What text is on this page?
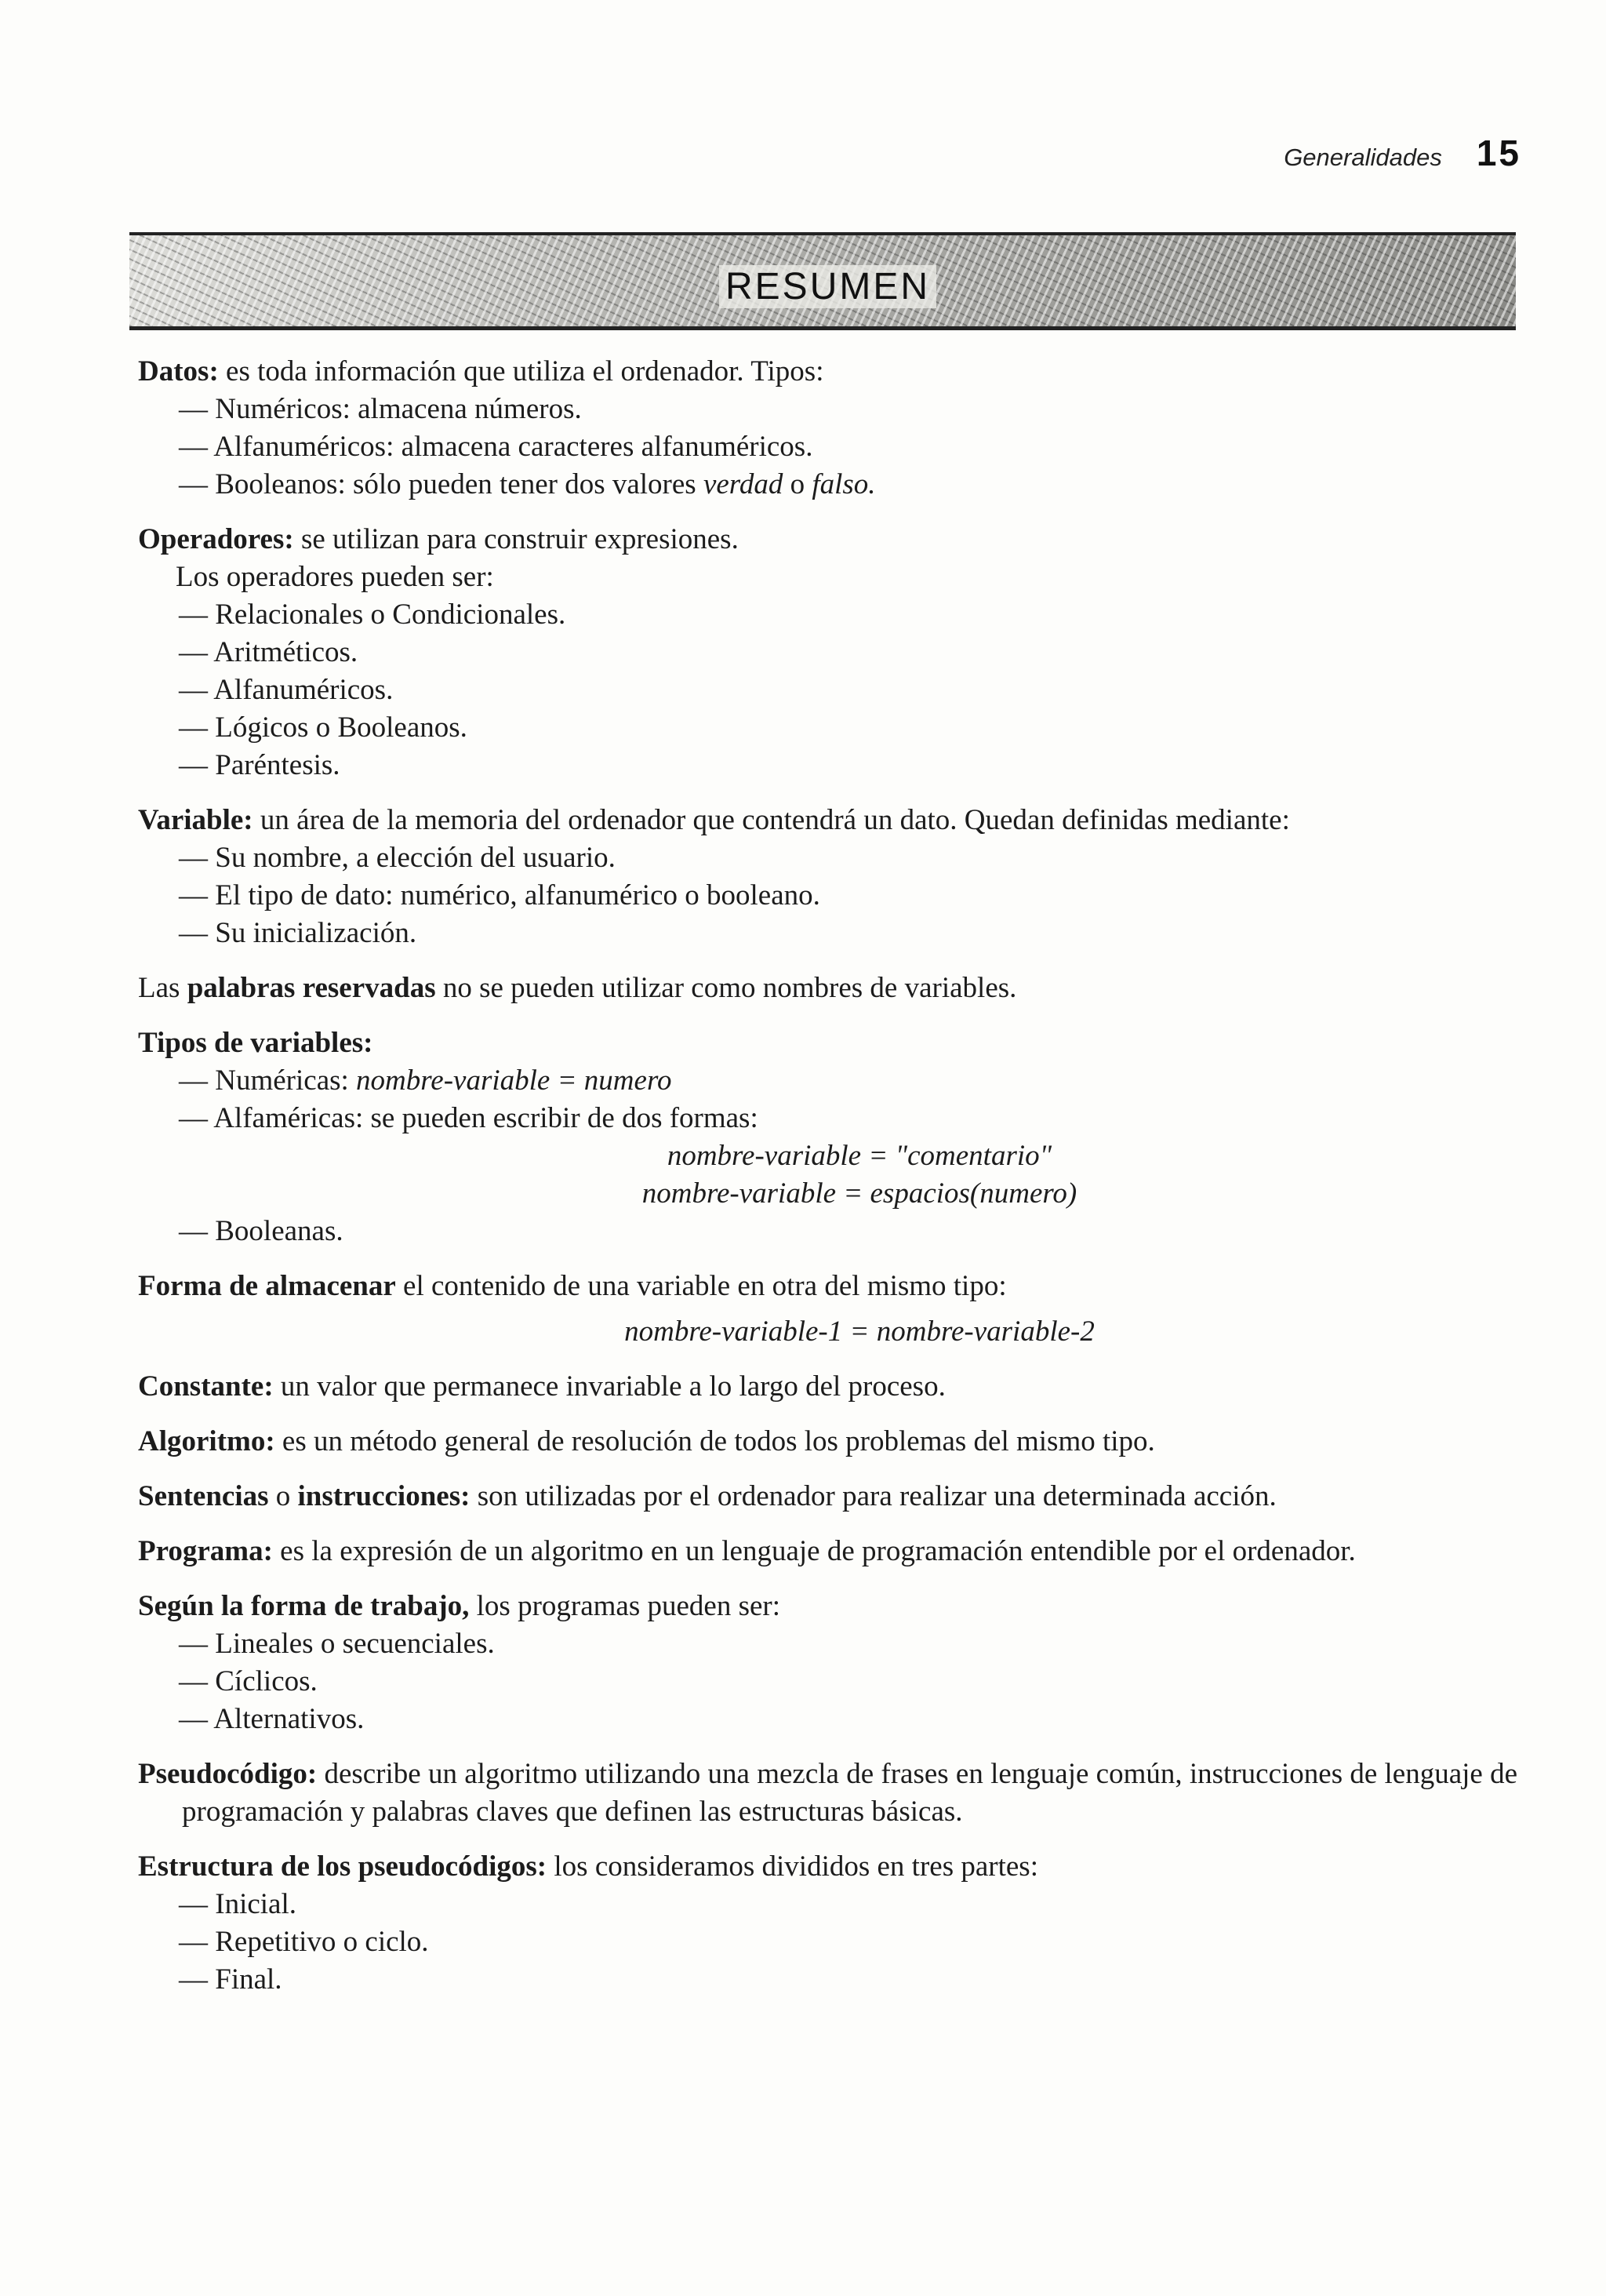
Generalidades 15
RESUMEN
Datos: es toda información que utiliza el ordenador. Tipos:
— Numéricos: almacena números.
— Alfanuméricos: almacena caracteres alfanuméricos.
— Booleanos: sólo pueden tener dos valores verdad o falso.
Operadores: se utilizan para construir expresiones.
Los operadores pueden ser:
— Relacionales o Condicionales.
— Aritméticos.
— Alfanuméricos.
— Lógicos o Booleanos.
— Paréntesis.
Variable: un área de la memoria del ordenador que contendrá un dato. Quedan definidas mediante:
— Su nombre, a elección del usuario.
— El tipo de dato: numérico, alfanumérico o booleano.
— Su inicialización.
Las palabras reservadas no se pueden utilizar como nombres de variables.
Tipos de variables:
— Numéricas: nombre-variable = numero
— Alfaméricas: se pueden escribir de dos formas:
nombre-variable = "comentario"
nombre-variable = espacios(numero)
— Booleanas.
Forma de almacenar el contenido de una variable en otra del mismo tipo:
nombre-variable-1 = nombre-variable-2
Constante: un valor que permanece invariable a lo largo del proceso.
Algoritmo: es un método general de resolución de todos los problemas del mismo tipo.
Sentencias o instrucciones: son utilizadas por el ordenador para realizar una determinada acción.
Programa: es la expresión de un algoritmo en un lenguaje de programación entendible por el ordenador.
Según la forma de trabajo, los programas pueden ser:
— Lineales o secuenciales.
— Cíclicos.
— Alternativos.
Pseudocódigo: describe un algoritmo utilizando una mezcla de frases en lenguaje común, instrucciones de lenguaje de programación y palabras claves que definen las estructuras básicas.
Estructura de los pseudocódigos: los consideramos divididos en tres partes:
— Inicial.
— Repetitivo o ciclo.
— Final.
